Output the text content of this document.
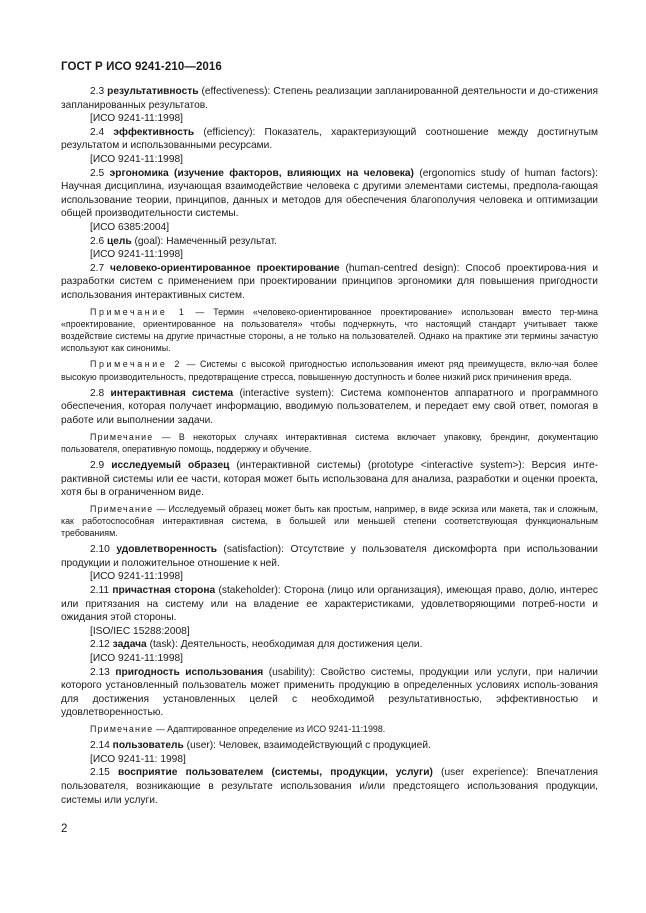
ГОСТ Р ИСО 9241-210—2016

2.3 результативность (effectiveness): Степень реализации запланированной деятельности и до-стижения запланированных результатов.

[ИСО 9241-11:1998]

2.4 эффективность (efficiency): Показатель, характеризующий соотношение между достигнутым результатом и использованными ресурсами.

[ИСО 9241-11:1998]

2.5 эргономика (изучение факторов, влияющих на человека) (ergonomics study of human factors): Научная дисциплина, изучающая взаимодействие человека с другими элементами системы, предпола-гающая использование теории, принципов, данных и методов для обеспечения благополучия человека и оптимизации общей производительности системы.

[ИСО 6385:2004]

2.6 цель (goal): Намеченный результат.

[ИСО 9241-11:1998]

2.7 человеко-ориентированное проектирование (human-centred design): Способ проектирова-ния и разработки систем с применением при проектировании принципов эргономики для повышения пригодности использования интерактивных систем.

Примечание 1 — Термин «человеко-ориентированное проектирование» использован вместо тер-мина «проектирование, ориентированное на пользователя» чтобы подчеркнуть, что настоящий стандарт учитывает также воздействие системы на другие причастные стороны, а не только на пользователей. Однако на практике эти термины зачастую используют как синонимы.

Примечание 2 — Системы с высокой пригодностью использования имеют ряд преимуществ, вклю-чая более высокую производительность, предотвращение стресса, повышенную доступность и более низкий риск причинения вреда.

2.8 интерактивная система (interactive system): Система компонентов аппаратного и программного обеспечения, которая получает информацию, вводимую пользователем, и передает ему свой ответ, помогая в работе или выполнении задачи.

Примечание — В некоторых случаях интерактивная система включает упаковку, брендинг, документацию пользователя, оперативную помощь, поддержку и обучение.

2.9 исследуемый образец (интерактивной системы) (prototype <interactive system>): Версия инте-рактивной системы или ее части, которая может быть использована для анализа, разработки и оценки проекта, хотя бы в ограниченном виде.

Примечание — Исследуемый образец может быть как простым, например, в виде эскиза или макета, так и сложным, как работоспособная интерактивная система, в большей или меньшей степени соответствующая функциональным требованиям.

2.10 удовлетворенность (satisfaction): Отсутствие у пользователя дискомфорта при использовании продукции и положительное отношение к ней.

[ИСО 9241-11:1998]

2.11 причастная сторона (stakeholder): Сторона (лицо или организация), имеющая право, долю, интерес или притязания на систему или на владение ее характеристиками, удовлетворяющими потреб-ности и ожидания этой стороны.

[ISO/IEC 15288:2008]

2.12 задача (task): Деятельность, необходимая для достижения цели.

[ИСО 9241-11:1998]

2.13 пригодность использования (usability): Свойство системы, продукции или услуги, при наличии которого установленный пользователь может применить продукцию в определенных условиях исполь-зования для достижения установленных целей с необходимой результативностью, эффективностью и удовлетворенностью.

Примечание — Адаптированное определение из ИСО 9241-11:1998.

2.14 пользователь (user): Человек, взаимодействующий с продукцией.

[ИСО 9241-11: 1998]

2.15 восприятие пользователем (системы, продукции, услуги) (user experience): Впечатления пользователя, возникающие в результате использования и/или предстоящего использования продукции, системы или услуги.

2
